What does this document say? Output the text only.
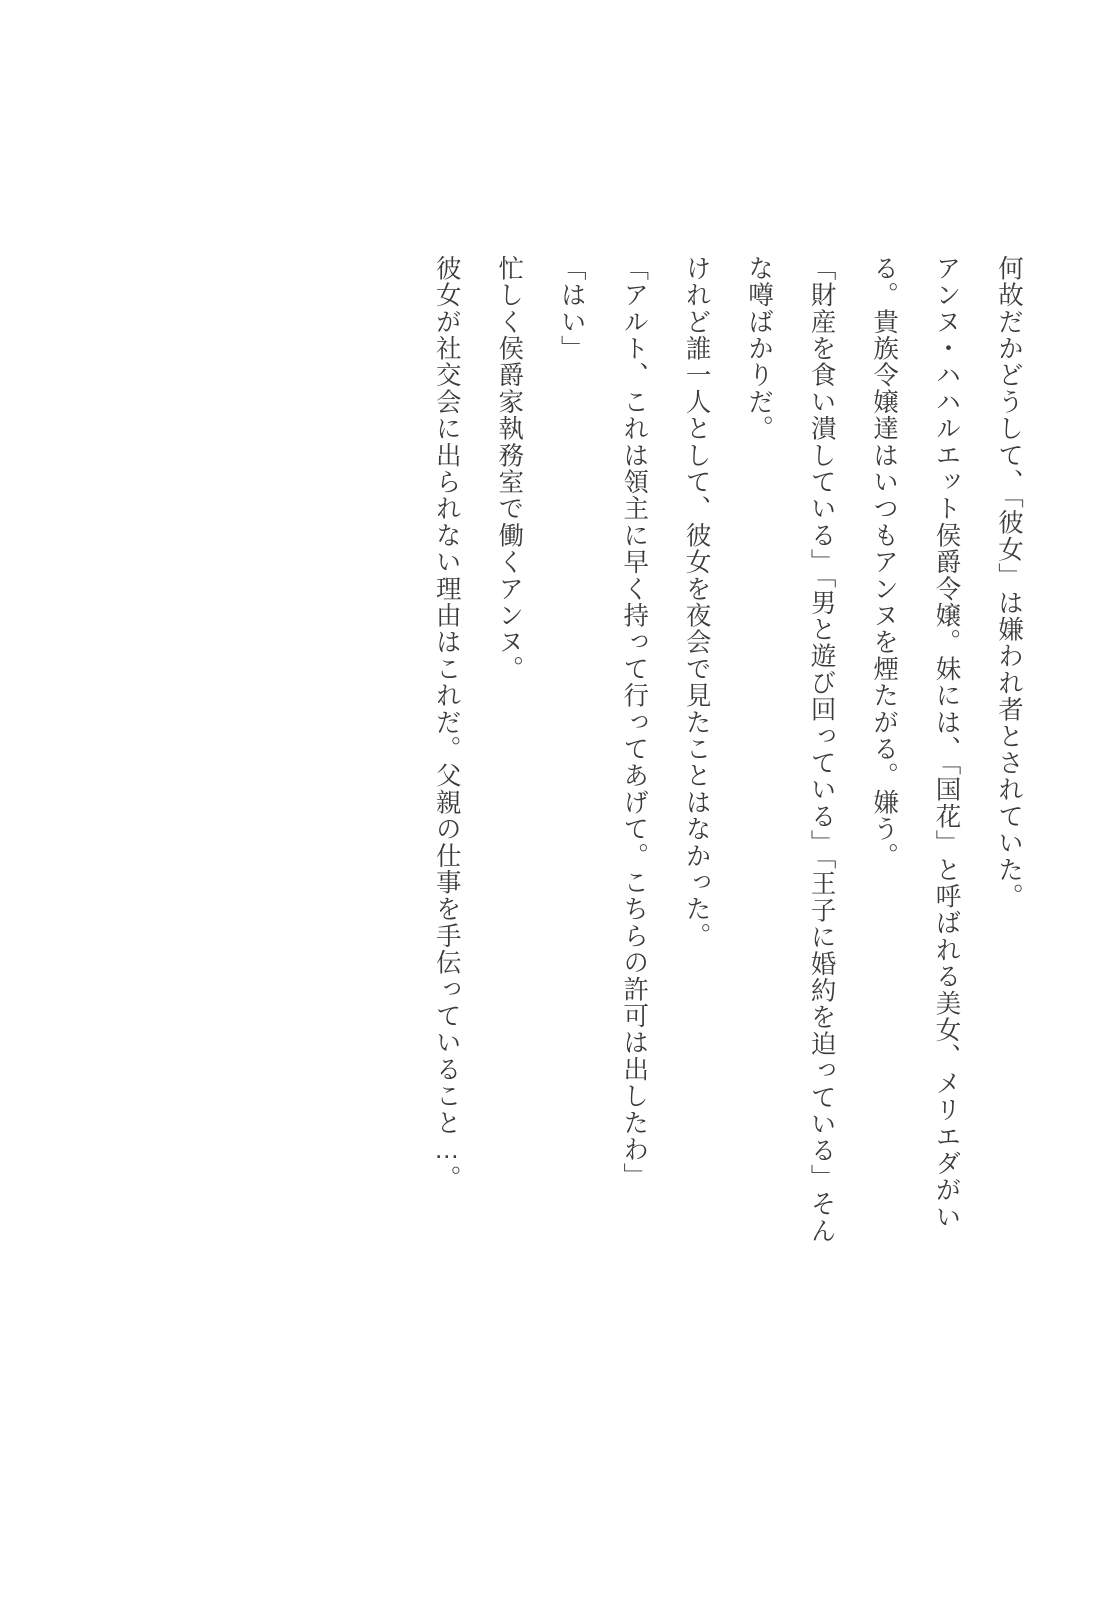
何故だかどうして、「彼女」は嫌われ者とされていた。

アンヌ・ハハルエット侯爵令嬢。妹には、「国花」と呼ばれる美女、メリエダがいる。貴族令嬢達はいつもアンヌを煙たがる。嫌う。

「財産を食い潰している」「男と遊び回っている」「王子に婚約を迫っている」そんな噂ばかりだ。

けれど誰一人として、彼女を夜会で見たことはなかった。

「アルト、これは領主に早く持って行ってあげて。こちらの許可は出したわ」

「はい」

忙しく侯爵家執務室で働くアンヌ。

彼女が社交会に出られない理由はこれだ。父親の仕事を手伝っていること…。
